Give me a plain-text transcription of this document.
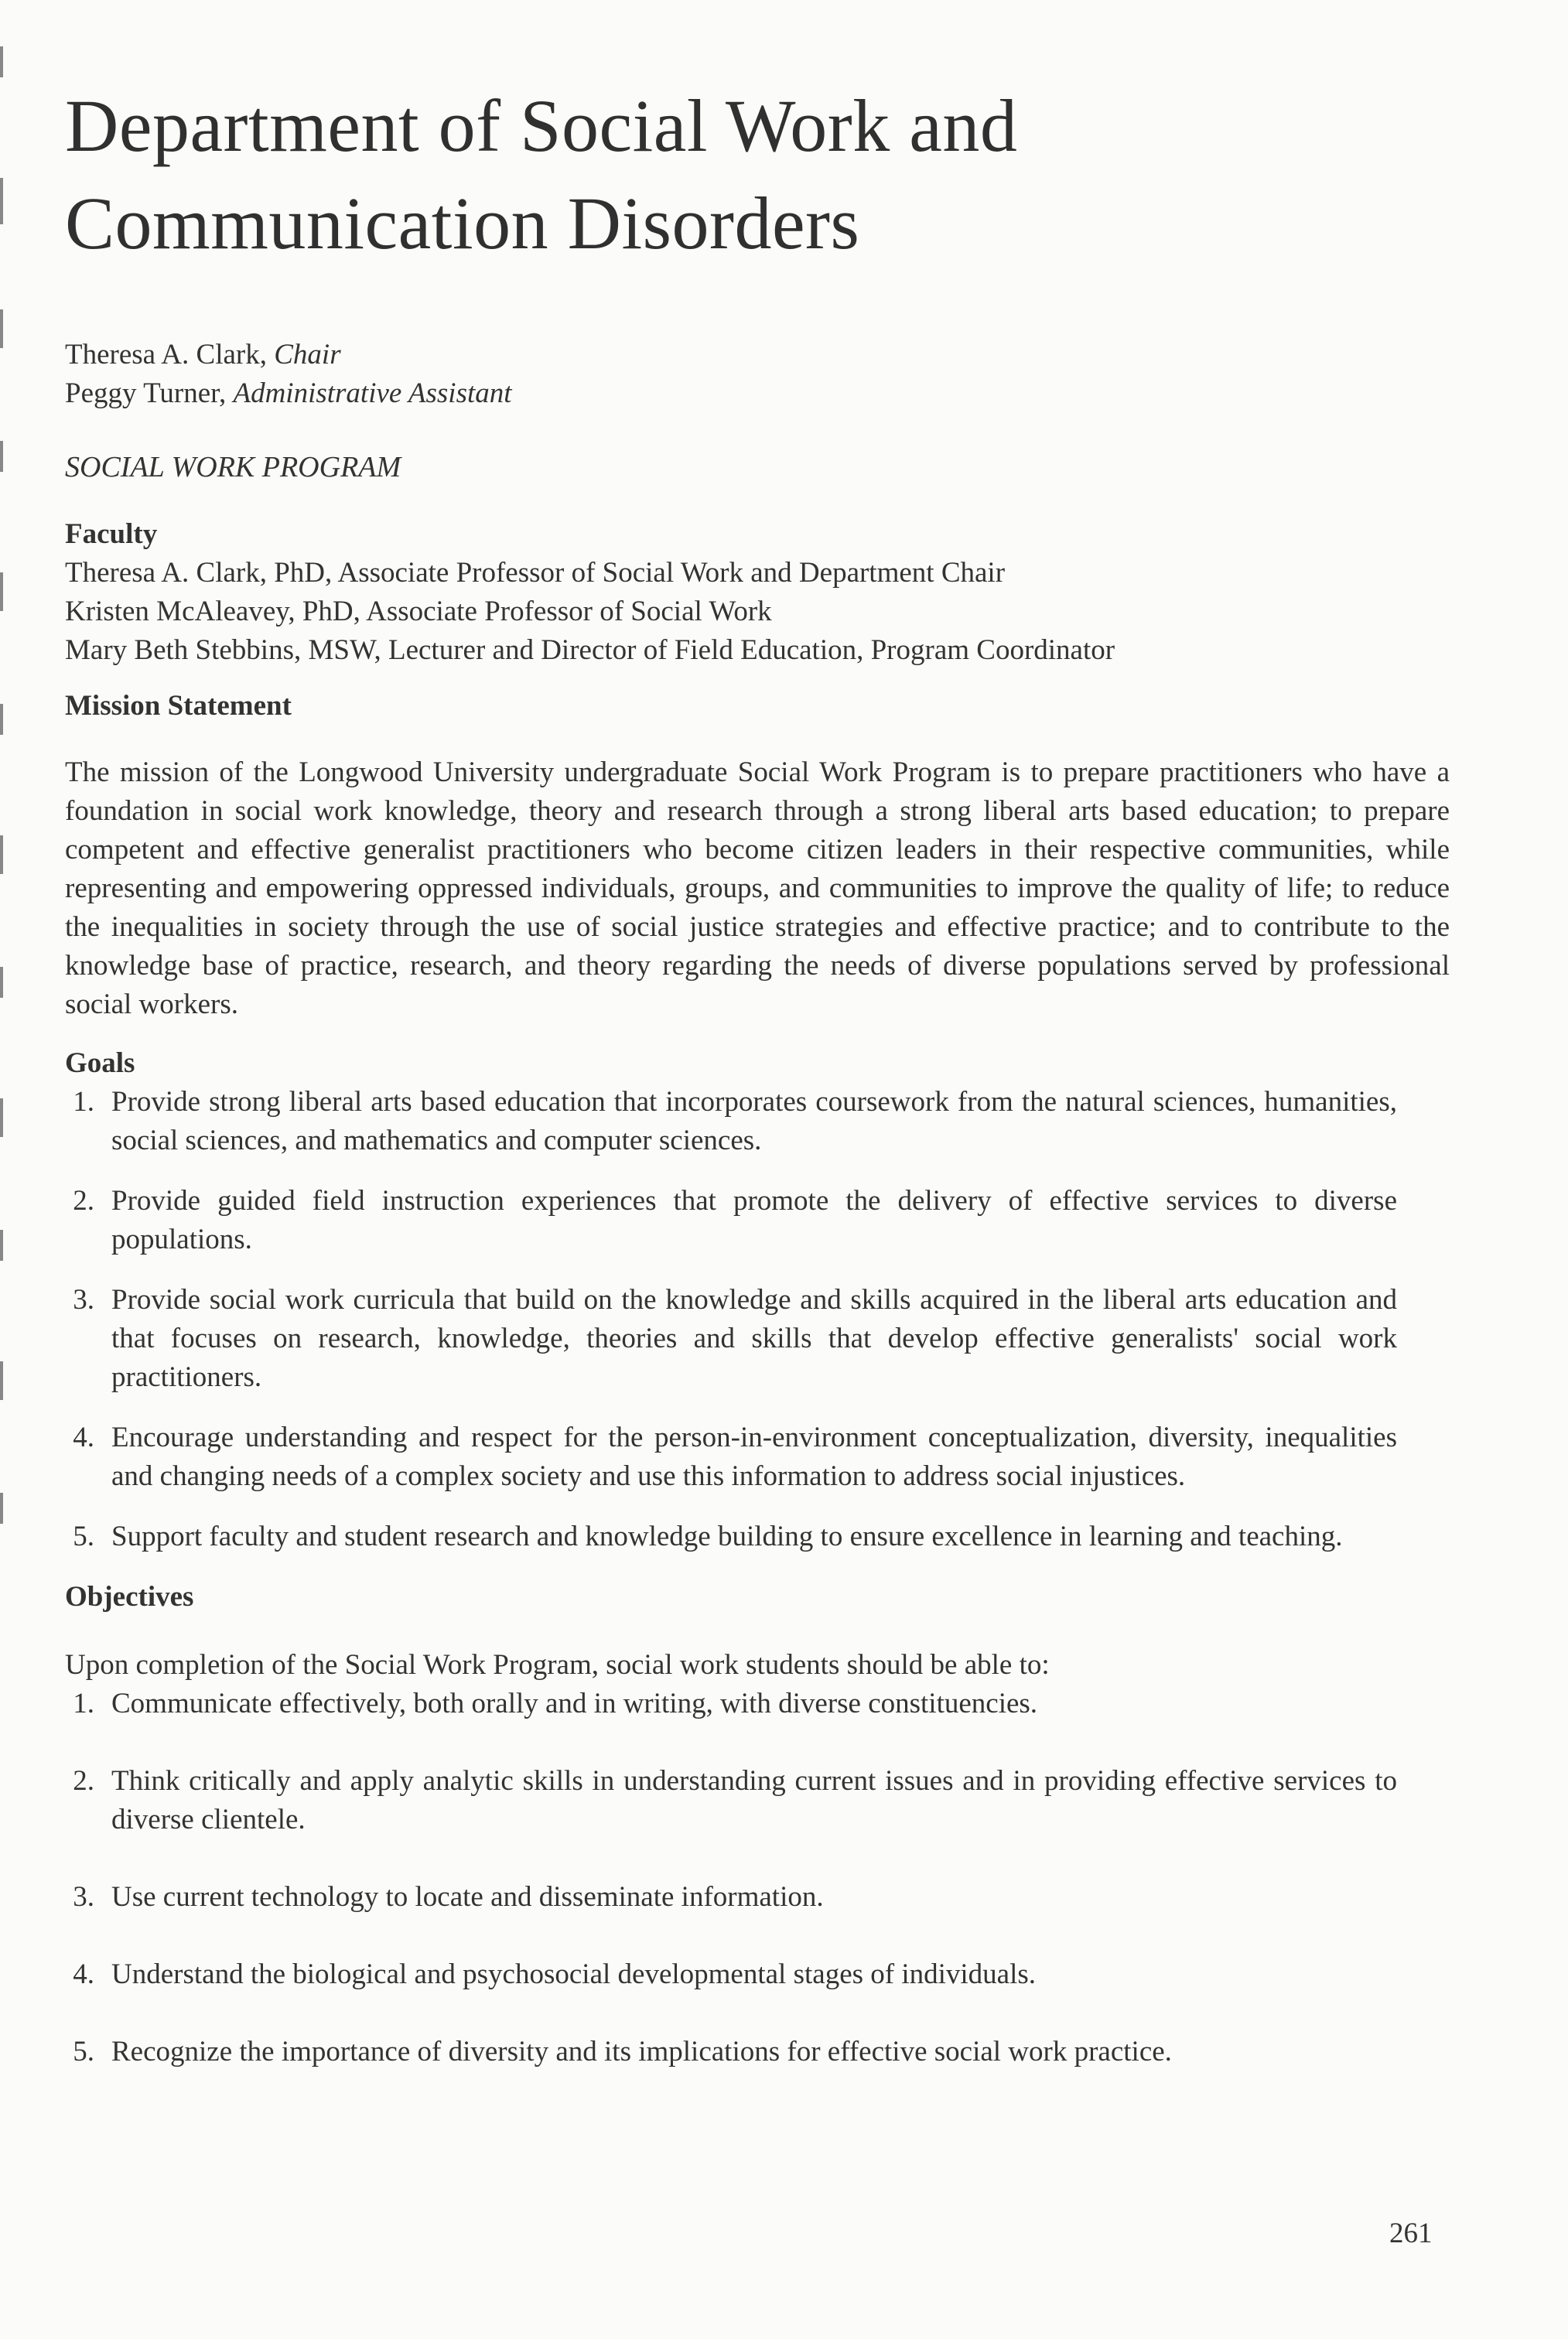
Department of Social Work and
Communication Disorders
Theresa A. Clark, Chair
Peggy Turner, Administrative Assistant
SOCIAL WORK PROGRAM
Faculty
Theresa A. Clark, PhD, Associate Professor of Social Work and Department Chair
Kristen McAleavey, PhD, Associate Professor of Social Work
Mary Beth Stebbins, MSW, Lecturer and Director of Field Education, Program Coordinator
Mission Statement

The mission of the Longwood University undergraduate Social Work Program is to prepare practitioners who have a foundation in social work knowledge, theory and research through a strong liberal arts based education; to prepare competent and effective generalist practitioners who become citizen leaders in their respective communities, while representing and empowering oppressed individuals, groups, and communities to improve the quality of life; to reduce the inequalities in society through the use of social justice strategies and effective practice; and to contribute to the knowledge base of practice, research, and theory regarding the needs of diverse populations served by professional social workers.

Goals
1. Provide strong liberal arts based education that incorporates coursework from the natural sciences, humanities, social sciences, and mathematics and computer sciences.
2. Provide guided field instruction experiences that promote the delivery of effective services to diverse populations.
3. Provide social work curricula that build on the knowledge and skills acquired in the liberal arts education and that focuses on research, knowledge, theories and skills that develop effective generalists' social work practitioners.
4. Encourage understanding and respect for the person-in-environment conceptualization, diversity, inequalities and changing needs of a complex society and use this information to address social injustices.
5. Support faculty and student research and knowledge building to ensure excellence in learning and teaching.
Objectives
Upon completion of the Social Work Program, social work students should be able to:
1. Communicate effectively, both orally and in writing, with diverse constituencies.
2. Think critically and apply analytic skills in understanding current issues and in providing effective services to diverse clientele.
3. Use current technology to locate and disseminate information.
4. Understand the biological and psychosocial developmental stages of individuals.
5. Recognize the importance of diversity and its implications for effective social work practice.
261
